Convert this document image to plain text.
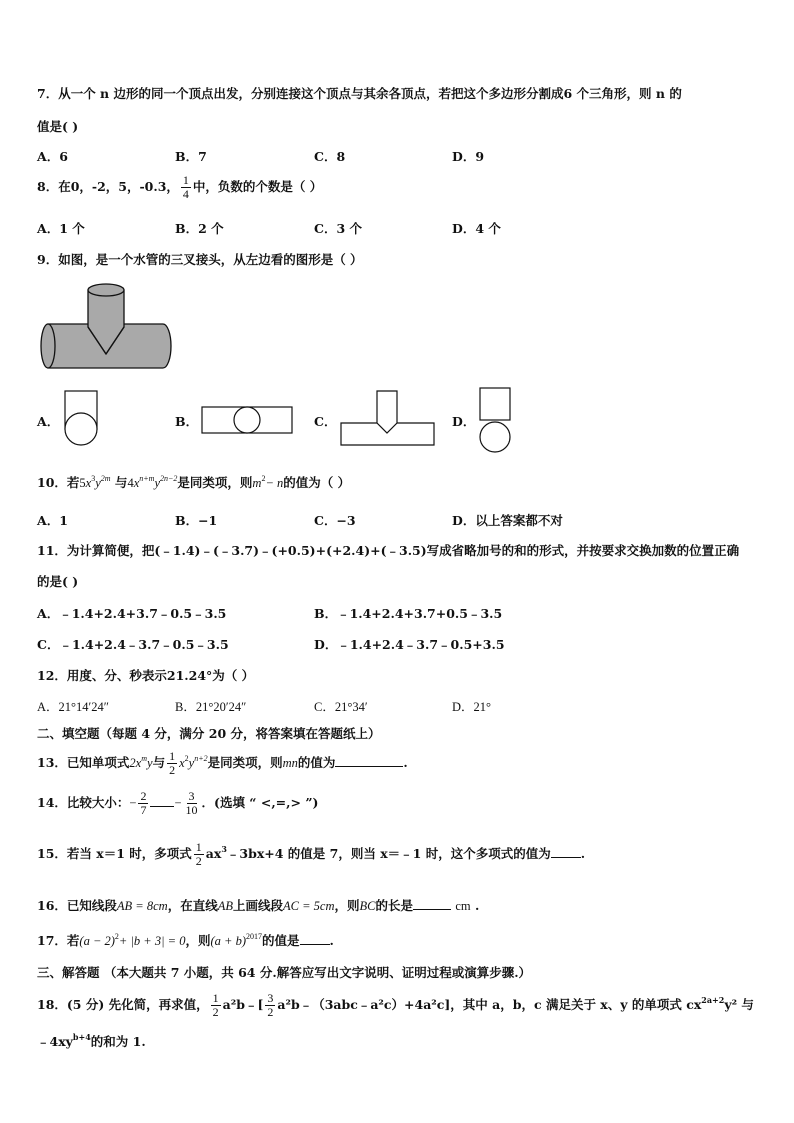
7．从一个 n 边形的同一个顶点出发，分别连接这个顶点与其余各顶点，若把这个多边形分割成6 个三角形，则 n 的
值是( )
A．6	B．7	C．8	D．9
8．在0，-2，5，-0.3， $\frac{1}{4}$ 中，负数的个数是（ ）
A．1 个	B．2 个	C．3 个	D．4 个
9．如图，是一个水管的三叉接头，从左边看的图形是（ ）
A．	B．	C．	D．
10．若$5x^3y^{2m}$ 与$4x^{n+m}y^{2n-2}$是同类项，则$m^2- n$的值为（ ）
A．1	B．−1	C．−3	D．以上答案都不对
11．为计算简便，把(﹣1.4)﹣(﹣3.7)﹣(+0.5)+(+2.4)+(﹣3.5)写成省略加号的和的形式，并按要求交换加数的位置正确
的是( )
A．﹣1.4+2.4+3.7﹣0.5﹣3.5	B．﹣1.4+2.4+3.7+0.5﹣3.5
C．﹣1.4+2.4﹣3.7﹣0.5﹣3.5	D．﹣1.4+2.4﹣3.7﹣0.5+3.5
12．用度、分、秒表示21.24°为（ ）
A．21°14′24″	B．21°20′24″	C．21°34′	D．21°
二、填空题（每题 4 分，满分 20 分，将答案填在答题纸上）
13．已知单项式$2x^my$与 $\frac{1}{2} x^2y^{n+2}$是同类项，则mn的值为	.
14．比较大小：− $\frac{2}{7} - \frac{3}{10}$ ．(选填 “ <,=,> ”)
15．若当 x＝1 时，多项式 $\frac{1}{2}$ $ax^3﹣3bx+4$ 的值是 7，则当 x＝﹣1 时，这个多项式的值为 .
16．已知线段AB = 8cm，在直线AB上画线段AC = 5cm，则BC的长是	cm .
17．若$(a - 2)^2+ |b + 3| = 0$，则$(a + b)^{2017}$的值是 .
三、解答题 （本大题共 7 小题，共 64 分.解答应写出文字说明、证明过程或演算步骤.）
18．(5 分) 先化简，再求值， $\frac{1}{2}$ a²b﹣[ $\frac{3}{2}$ a²b﹣（3abc﹣a²c）+4a²c]，其中 a，b，c 满足关于 x、y 的单项式 $cx^{2a+2}y^2$ 与
$﹣4xy^{b+4}$的和为 1.
